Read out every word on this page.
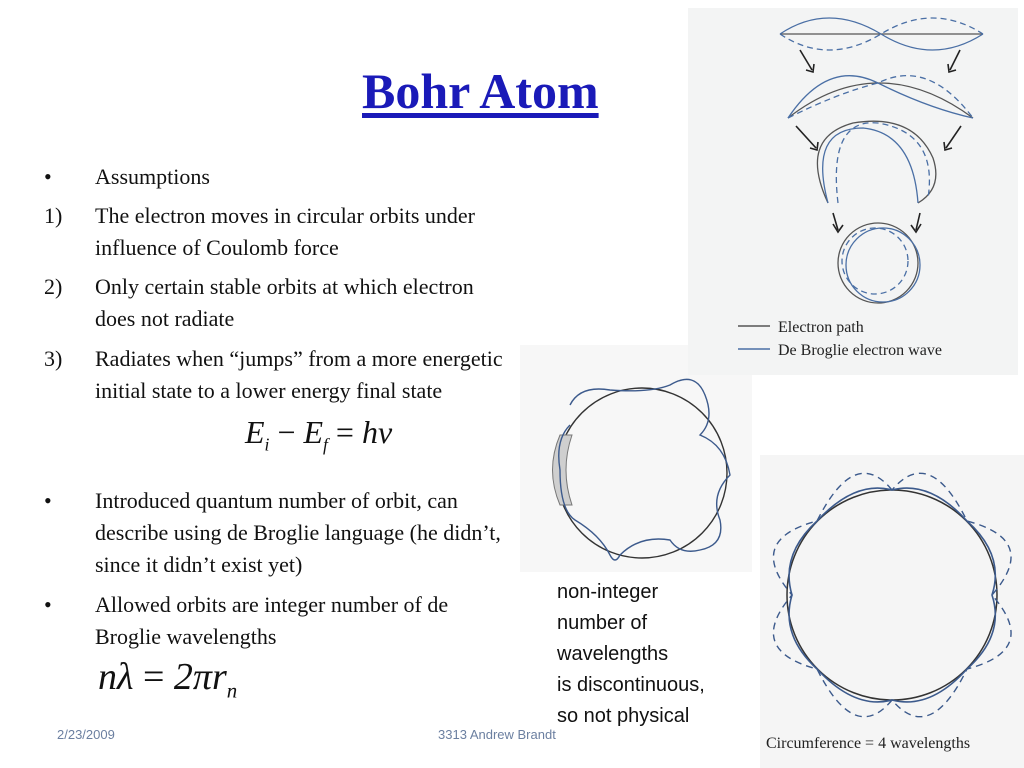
Bohr Atom
•	Assumptions
1)	The electron moves in circular orbits under influence of Coulomb force
2)	Only certain stable orbits at which electron does not radiate
3)	Radiates when “jumps” from a more energetic initial state to a lower energy final state
•	Introduced quantum number of orbit, can describe using de Broglie language (he didn’t, since it didn’t exist yet)
•	Allowed orbits are integer number of de Broglie wavelengths
$E_i - E_f$ = hv
$n\lambda = 2\pi r_n$
Electron path
De Broglie electron wave
Circumference = 4 wavelengths
non-integer
number of
wavelengths
is discontinuous,
so not physical
2/23/2009	3313 Andrew Brandt
